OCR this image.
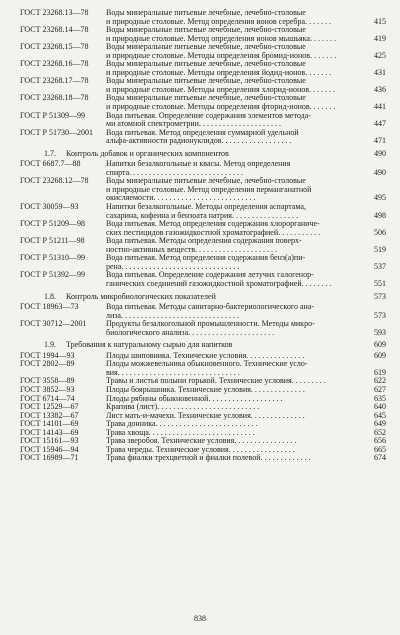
ГОСТ 23268.13—78	Воды минеральные питьевые лечебные, лечебно-столовые
и природные столовые. Метод определения ионов серебра . . . . . . .	415
ГОСТ 23268.14—78	Воды минеральные питьевые лечебные, лечебно-столовые
и природные столовые. Метод определения ионов мышьяка . . . . . . .	419
ГОСТ 23268.15—78	Воды минеральные питьевые лечебные, лечебно-столовые
и природные столовые. Методы определения бромид-ионов . . . . . . .	425
ГОСТ 23268.16—78	Воды минеральные питьевые лечебные, лечебно-столовые
и природные столовые. Методы определения йодид-ионов . . . . . . .	431
ГОСТ 23268.17—78	Воды минеральные питьевые лечебные, лечебно-столовые
и природные столовые. Методы определения хлорид-ионов . . . . . . .	436
ГОСТ 23268.18—78	Воды минеральные питьевые лечебные, лечебно-столовые
и природные столовые. Методы определения фторид-ионов . . . . . . .	441
ГОСТ Р 51309—99	Вода питьевая. Определение содержания элементов метода-
ми атомной спектрометрии . . . . . . . . . . . . . . . . . . . . .	447
ГОСТ Р 51730—2001	Вода питьевая. Метод определения суммарной удельной
альфа-активности радионуклидов . . . . . . . . . . . . . . . . . .	471
1.7.	Контроль добавок и органических компонентов	490
ГОСТ 6687.7—88	Напитки безалкогольные и квасы. Метод определения
спирта . . . . . . . . . . . . . . . . . . . . . . . . . . . . .	490
ГОСТ 23268.12—78	Воды минеральные питьевые лечебные, лечебно-столовые
и природные столовые. Метод определения перманганатной
окисляемости . . . . . . . . . . . . . . . . . . . . . . . . . .	495
ГОСТ 30059—93	Напитки безалкогольные. Методы определения аспартама,
сахарина, кофеина и бензоата натрия . . . . . . . . . . . . . . . . .	498
ГОСТ Р 51209—98	Вода питьевая. Метод определения содержания хлорорганиче-
ских пестицидов газожидкостной хроматографией . . . . . . . . . . .	506
ГОСТ Р 51211—98	Вода питьевая. Методы определения содержания поверх-
ностно-активных веществ . . . . . . . . . . . . . . . . . . . . .	519
ГОСТ Р 51310—99	Вода питьевая. Метод определения содержания бенз(а)пи-
рена . . . . . . . . . . . . . . . . . . . . . . . . . . . . . .	537
ГОСТ Р 51392—99	Вода питьевая. Определение содержания летучих галогенор-
ганических соединений газожидкостной хроматографией . . . . . . . .	551
1.8.	Контроль микробиологических показателей	573
ГОСТ 18963—73	Вода питьевая. Методы санитарно-бактериологического ана-
лиза . . . . . . . . . . . . . . . . . . . . . . . . . . . . . .	573
ГОСТ 30712—2001	Продукты безалкогольной промышленности. Методы микро-
биологического анализа . . . . . . . . . . . . . . . . . . . . . .	593
1.9.	Требования к натуральному сырью для напитков	609
ГОСТ 1994—93	Плоды шиповника. Технические условия . . . . . . . . . . . . . . .	609
ГОСТ 2802—89	Плоды можжевельника обыкновенного. Технические усло-
вия . . . . . . . . . . . . . . . . . . . . . . . . . . . . . . .	619
ГОСТ 3558—89	Травы и листья полыни горькой. Технические условия . . . . . . . . .	622
ГОСТ 3852—93	Плоды боярышника. Технические условия . . . . . . . . . . . . . .	627
ГОСТ 6714—74	Плоды рябины обыкновенной . . . . . . . . . . . . . . . . . . .	635
ГОСТ 12529—67	Крапива (лист) . . . . . . . . . . . . . . . . . . . . . . . . . .	640
ГОСТ 13382—67	Лист мать-и-мачехи. Технические условия . . . . . . . . . . . . . .	645
ГОСТ 14101—69	Трава донника . . . . . . . . . . . . . . . . . . . . . . . . . .	649
ГОСТ 14143—69	Трава хвоща . . . . . . . . . . . . . . . . . . . . . . . . . . .	652
ГОСТ 15161—93	Трава зверобоя. Технические условия . . . . . . . . . . . . . . . .	656
ГОСТ 15946—94	Трава череды. Технические условия . . . . . . . . . . . . . . . . .	665
ГОСТ 16989—71	Трава фиалки трехцветной и фиалки полевой . . . . . . . . . . . . .	674
838
